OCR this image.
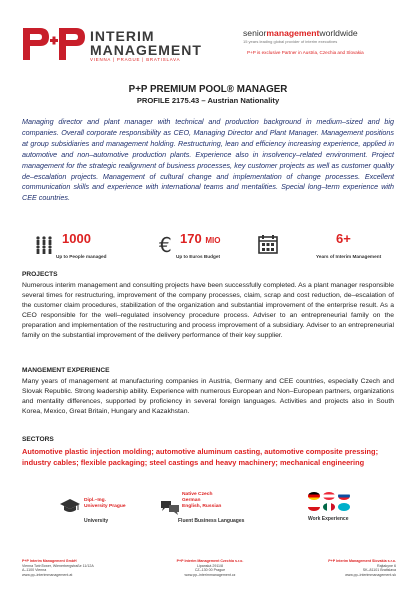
INTERIM
MANAGEMENT
VIENNA | PRAGUE | BRATISLAVA
seniormanagementworldwide
15 years leading global provider of interim executives
P+P is exclusive Partner in Austria, Czechia and Slovakia
P+P PREMIUM POOL® MANAGER
PROFILE 2175.43 – Austrian Nationality
Managing director and plant manager with technical and production background in medium–sized and big companies. Overall corporate responsibility as CEO, Managing Director and Plant Manager. Management positions at group subsidiaries and management holding. Restructuring, lean and efficiency increasing experience, applied in automotive and non–automotive production plants. Experience also in insolvency–related environment. Project management for the strategic realignment of business processes, key customer projects as well as customer quality de–escalation projects. Management of cultural change and implementation of change processes. Excellent communication skills and experience with international teams and mentalities. Special long–term experience with CEE countries.
1000
Up to People managed	€ 170 MIO
Up to Euros Budget
6+
Years of Interim Management
PROJECTS
Numerous interim management and consulting projects have been successfully completed. As a plant manager responsible several times for restructuring, improvement of the company processes, claim, scrap and cost reduction, de–escalation of the customer claim procedures, stabilization of the organization and substantial improvement of the enterprise result. As a CEO responsible for the well–regulated insolvency procedure process. Adviser to an entrepreneurial family on the preparation and implementation of the restructuring and process improvement of a subsidiary. Adviser to an entrepreneurial family on the substantial improvement of the delivery performance of their key supplier.
MANGEMENT EXPERIENCE
Many years of management at manufacturing companies in Austria, Germany and CEE countries, especially Czech and Slovak Republic. Strong leadership ability. Experience with numerous European and Non–European partners, organizations and mentality differences, supported by proficiency in several foreign languages. Activities and projects also in South Korea, Mexico, Great Britain, Hungary and Kazakhstan.
SECTORS
Automotive plastic injection molding; automotive aluminum casting, automotive composite pressing; industry cables; flexible packaging; steel castings and heavy machinery; mechanical engineering
Dipl.–Ing.
University Prague
University
Native Czech
German
English, Russian
Fluent Business Languages	Work Experience
P+P Interim Management GmbH
Vienna TwinTower, Wienerbergstraße 11/12A
A–1100 Vienna
www.pp–interimmanagement.at
P+P Interim Management Czechia s.r.o.
Lipanská 2911/8
CZ–130 00 Prague
www.pp–interimmanagement.cz
P+P Interim Management Slovakia s.r.o.
Rajtakyne 6
SK–81101 Bratislava
www.pp–interimmanagement.sk
